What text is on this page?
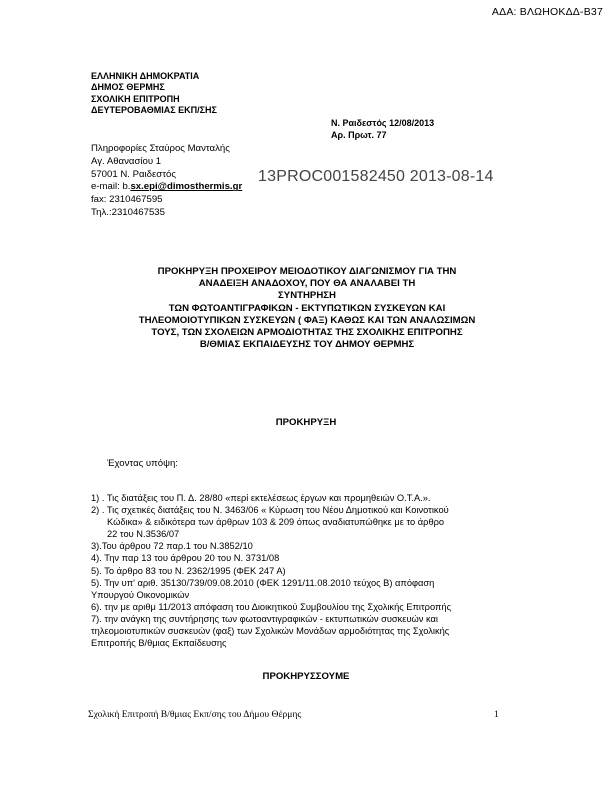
ΑΔΑ: ΒΛΩΗΟΚΔΔ-Β37
ΕΛΛΗΝΙΚΗ ΔΗΜΟΚΡΑΤΙΑ
ΔΗΜΟΣ ΘΕΡΜΗΣ
ΣΧΟΛΙΚΗ ΕΠΙΤΡΟΠΗ
ΔΕΥΤΕΡΟΒΑΘΜΙΑΣ ΕΚΠ/ΣΗΣ
Ν. Ραιδεστός 12/08/2013
Αρ. Πρωτ. 77
Πληροφορίες Σταύρος Μανταλής
Αγ. Αθανασίου 1
57001 Ν. Ραιδεστός
e-mail: b.sx.epi@dimosthermis.gr
fax: 2310467595
Τηλ.:2310467535
13PROC001582450 2013-08-14
ΠΡΟΚΗΡΥΞΗ ΠΡΟΧΕΙΡΟΥ ΜΕΙΟΔΟΤΙΚΟΥ ΔΙΑΓΩΝΙΣΜΟΥ ΓΙΑ ΤΗΝ
ΑΝΑΔΕΙΞΗ ΑΝΑΔΟΧΟΥ, ΠΟΥ ΘΑ ΑΝΑΛΑΒΕΙ ΤΗ
ΣΥΝΤΗΡΗΣΗ
ΤΩΝ ΦΩΤΟΑΝΤΙΓΡΑΦΙΚΩΝ - ΕΚΤΥΠΩΤΙΚΩΝ ΣΥΣΚΕΥΩΝ ΚΑΙ
ΤΗΛΕΟΜΟΙΟΤΥΠΙΚΩΝ ΣΥΣΚΕΥΩΝ ( ΦΑΞ) ΚΑΘΩΣ ΚΑΙ ΤΩΝ ΑΝΑΛΩΣΙΜΩΝ
ΤΟΥΣ, ΤΩΝ ΣΧΟΛΕΙΩΝ ΑΡΜΟΔΙΟΤΗΤΑΣ ΤΗΣ ΣΧΟΛΙΚΗΣ ΕΠΙΤΡΟΠΗΣ
Β/ΘΜΙΑΣ ΕΚΠΑΙΔΕΥΣΗΣ ΤΟΥ ΔΗΜΟΥ ΘΕΡΜΗΣ
ΠΡΟΚΗΡΥΞΗ
Έχοντας υπόψη:
1) . Τις διατάξεις του Π. Δ. 28/80 «περί εκτελέσεως έργων και προμηθειών Ο.Τ.Α.».
2) . Τις σχετικές διατάξεις του Ν. 3463/06 « Κύρωση του Νέου Δημοτικού και Κοινοτικού
Κώδικα» & ειδικότερα των άρθρων 103 & 209 όπως αναδιατυπώθηκε με το άρθρο
22 του Ν.3536/07
3).Του άρθρου 72 παρ.1 του Ν.3852/10
4). Την παρ 13 του άρθρου 20 του Ν. 3731/08
5). Το άρθρο 83 του Ν. 2362/1995 (ΦΕΚ 247 Α)
5). Την υπ' αριθ. 35130/739/09.08.2010 (ΦΕΚ 1291/11.08.2010 τεύχος Β) απόφαση
Υπουργού Οικονομικών
6). την με αριθμ 11/2013 απόφαση του Διοικητικού Συμβουλίου της Σχολικής Επιτροπής
7). την ανάγκη της συντήρησης των φωτοαντιγραφικών - εκτυπωτικών συσκευών και
τηλεομοιοτυπικών συσκευών (φαξ) των Σχολικών Μονάδων αρμοδιότητας της Σχολικής
Επιτροπής Β/θμιας Εκπαίδευσης
ΠΡΟΚΗΡΥΣΣΟΥΜΕ
Σχολική Επιτροπή Β/θμιας Εκπ/σης του Δήμου Θέρμης	1
